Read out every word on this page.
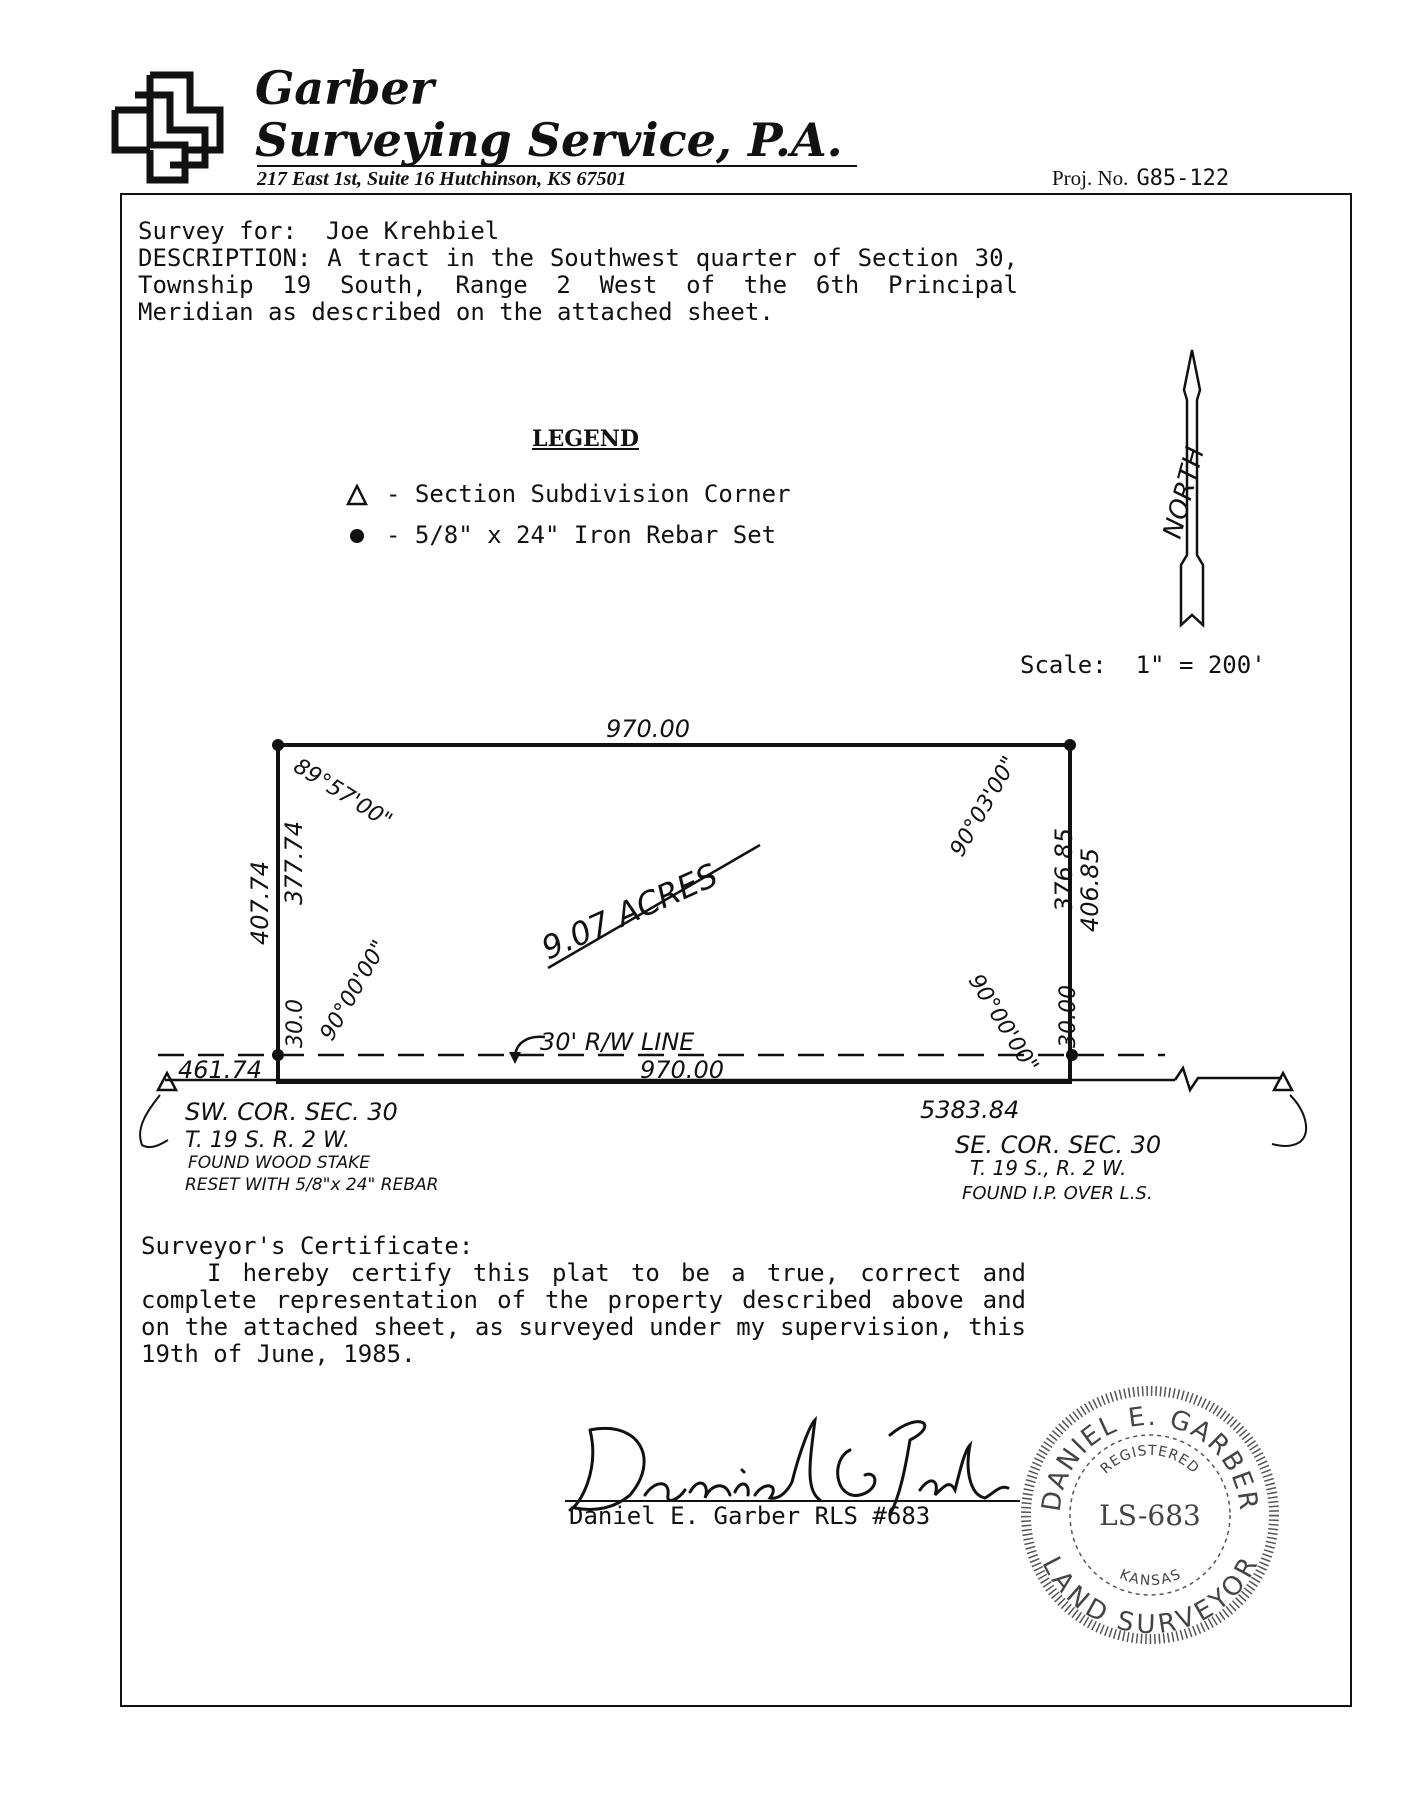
Garber
Surveying Service, P.A.
217 East 1st, Suite 16 Hutchinson, KS 67501	Proj. No. G85-122
Survey for:  Joe Krehbiel
DESCRIPTION: A tract in the Southwest quarter of Section 30, Township 19 South, Range 2 West of the 6th Principal Meridian as described on the attached sheet.
LEGEND
- Section Subdivision Corner
- 5/8" x 24" Iron Rebar Set
Scale:  1" = 200'
NORTH
9.07 ACRES
970.00
970.00
407.74 377.74
30.0
376.85
406.85
30.00
461.74
5383.84
89°57'00"	90°03'00"
90°00'00"	90°00'00"
30' R/W LINE
SW. COR. SEC. 30
T. 19 S. R. 2 W.
FOUND WOOD STAKE
RESET WITH 5/8"x 24" REBAR
SE. COR. SEC. 30
T. 19 S., R. 2 W.
FOUND I.P. OVER L.S.
Surveyor's Certificate:
I hereby certify this plat to be a true, correct and complete representation of the property described above and on the attached sheet, as surveyed under my supervision, this 19th of June, 1985.
Daniel E. Garber RLS #683
DANIEL E. GARBER
LAND SURVEYOR
REGISTERED
KANSAS
LS-683
